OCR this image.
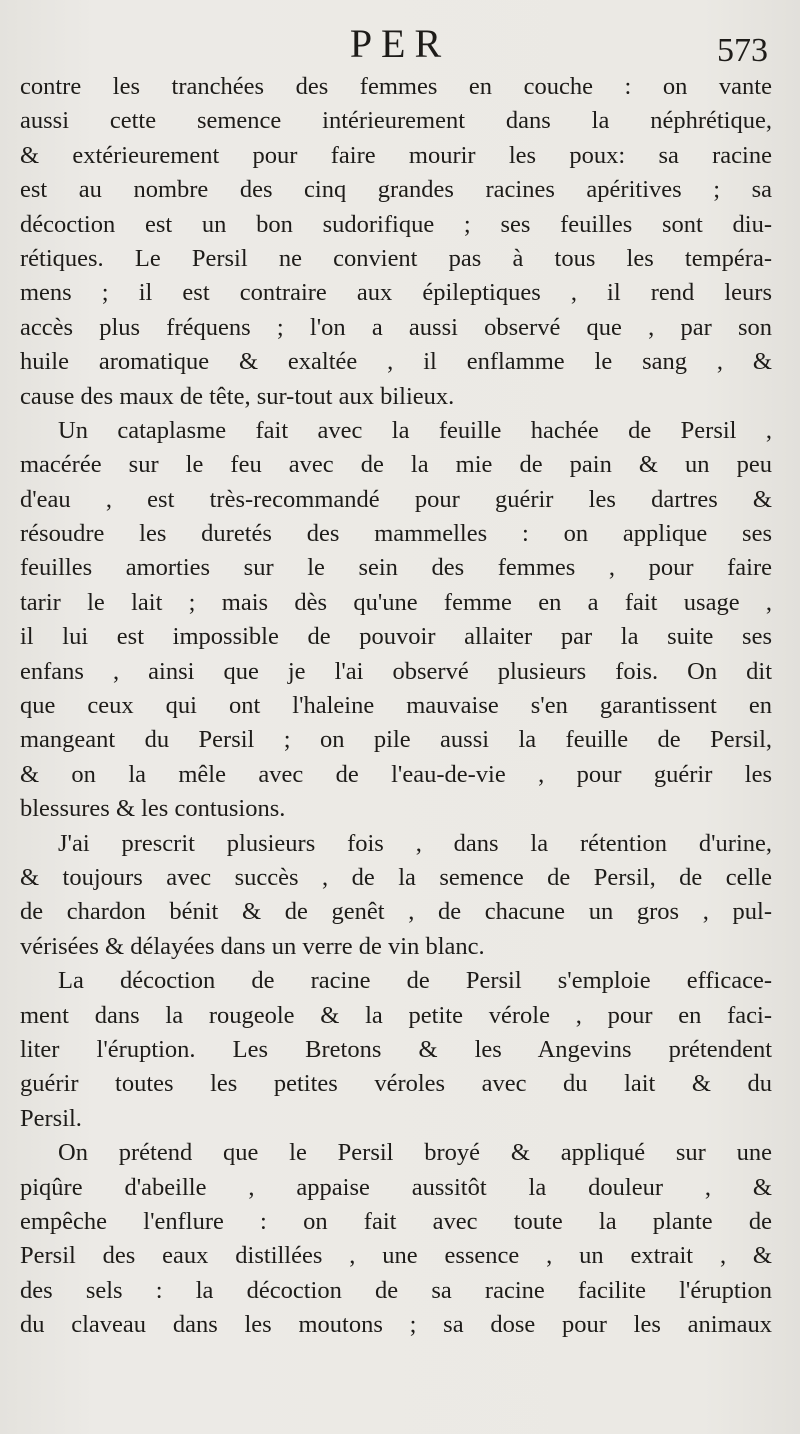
PER	573
contre les tranchées des femmes en couche : on vante
aussi cette semence intérieurement dans la néphrétique,
& extérieurement pour faire mourir les poux: sa racine
est au nombre des cinq grandes racines apéritives ; sa
décoction est un bon sudorifique ; ses feuilles sont diu-
rétiques. Le Persil ne convient pas à tous les tempéra-
mens ; il est contraire aux épileptiques , il rend leurs
accès plus fréquens ; l'on a aussi observé que , par son
huile aromatique & exaltée , il enflamme le sang , &
cause des maux de tête, sur-tout aux bilieux.
Un cataplasme fait avec la feuille hachée de Persil ,
macérée sur le feu avec de la mie de pain & un peu
d'eau , est très-recommandé pour guérir les dartres &
résoudre les duretés des mammelles : on applique ses
feuilles amorties sur le sein des femmes , pour faire
tarir le lait ; mais dès qu'une femme en a fait usage ,
il lui est impossible de pouvoir allaiter par la suite ses
enfans , ainsi que je l'ai observé plusieurs fois. On dit
que ceux qui ont l'haleine mauvaise s'en garantissent en
mangeant du Persil ; on pile aussi la feuille de Persil,
& on la mêle avec de l'eau-de-vie , pour guérir les
blessures & les contusions.
J'ai prescrit plusieurs fois , dans la rétention d'urine,
& toujours avec succès , de la semence de Persil, de celle
de chardon bénit & de genêt , de chacune un gros , pul-
vérisées & délayées dans un verre de vin blanc.
La décoction de racine de Persil s'emploie efficace-
ment dans la rougeole & la petite vérole , pour en faci-
liter l'éruption. Les Bretons & les Angevins prétendent
guérir toutes les petites véroles avec du lait & du
Persil.
On prétend que le Persil broyé & appliqué sur une
piqûre d'abeille , appaise aussitôt la douleur , &
empêche l'enflure : on fait avec toute la plante de
Persil des eaux distillées , une essence , un extrait , &
des sels : la décoction de sa racine facilite l'éruption
du claveau dans les moutons ; sa dose pour les animaux
